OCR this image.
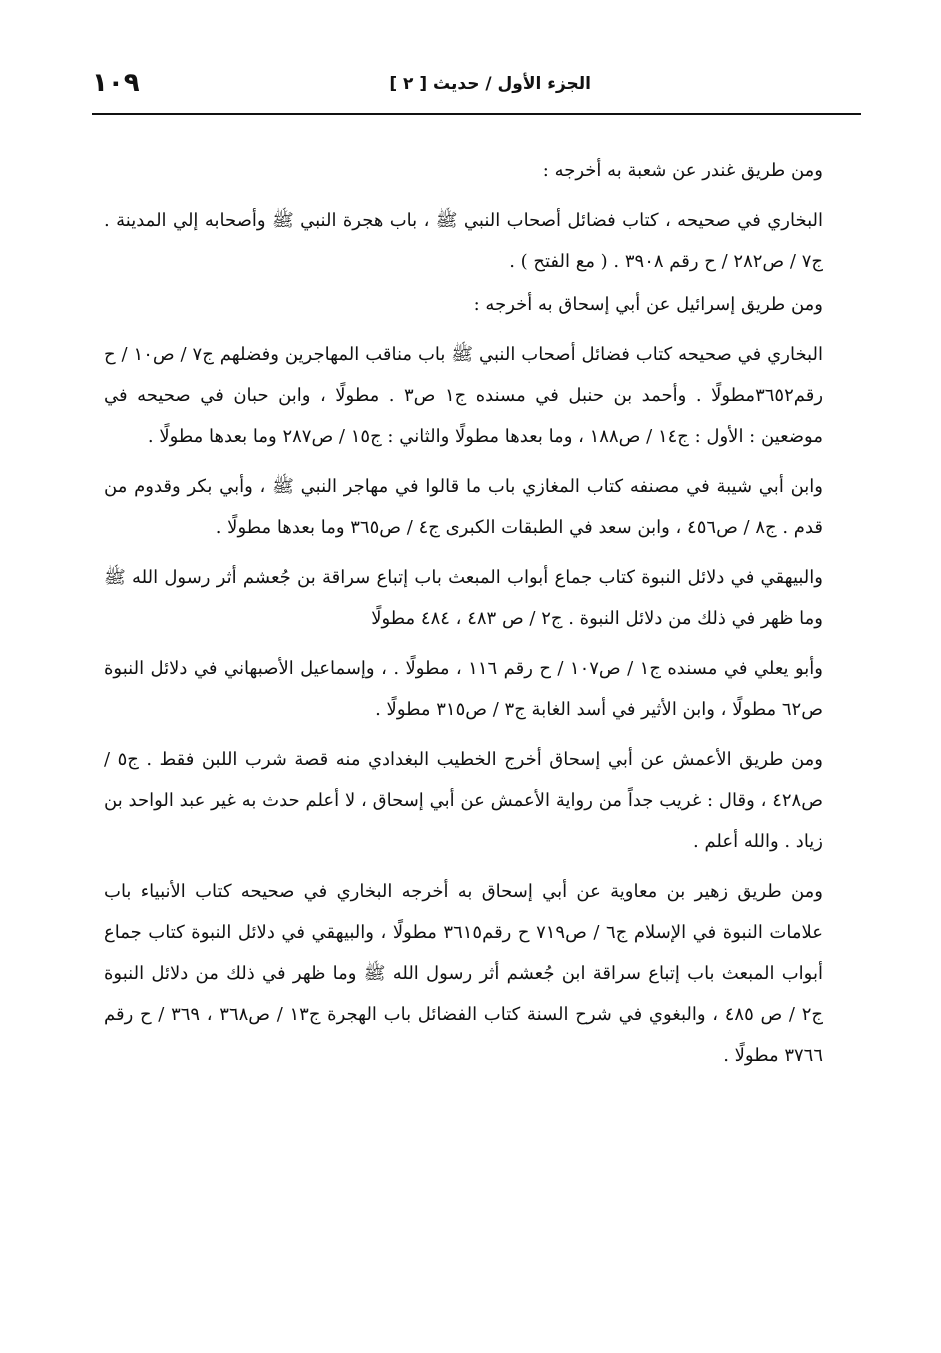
الجزء الأول / حديث [ ٢ ]
١٠٩

ومن طريق غندر عن شعبة به أخرجه :

البخاري في صحيحه ، كتاب فضائل أصحاب النبي ﷺ ، باب هجرة النبي ﷺ وأصحابه إلي المدينة . ج٧ / ص٢٨٢ / ح رقم ٣٩٠٨ . ( مع الفتح ) .

ومن طريق إسرائيل عن أبي إسحاق به أخرجه :

البخاري في صحيحه كتاب فضائل أصحاب النبي ﷺ باب مناقب المهاجرين وفضلهم ج٧ / ص١٠ / ح رقم٣٦٥٢مطولًا . وأحمد بن حنبل في مسنده ج١ ص٣ . مطولًا ، وابن حبان في صحيحه في موضعين : الأول : ج١٤ / ص١٨٨ ، وما بعدها مطولًا والثاني : ج١٥ / ص٢٨٧ وما بعدها مطولًا .

وابن أبي شيبة في مصنفه كتاب المغازي باب ما قالوا في مهاجر النبي ﷺ ، وأبي بكر وقدوم من قدم . ج٨ / ص٤٥٦ ، وابن سعد في الطبقات الكبرى ج٤ / ص٣٦٥ وما بعدها مطولًا .

والبيهقي في دلائل النبوة كتاب جماع أبواب المبعث باب إتباع سراقة بن جُعشم أثر رسول الله ﷺ وما ظهر في ذلك من دلائل النبوة . ج٢ / ص ٤٨٣ ، ٤٨٤ مطولًا

وأبو يعلي في مسنده ج١ / ص١٠٧ / ح رقم ١١٦ ، مطولًا . ، وإسماعيل الأصبهاني في دلائل النبوة ص٦٢ مطولًا ، وابن الأثير في أسد الغابة ج٣ / ص٣١٥ مطولًا .

ومن طريق الأعمش عن أبي إسحاق أخرج الخطيب البغدادي منه قصة شرب اللبن فقط . ج٥ / ص٤٢٨ ، وقال : غريب جداً من رواية الأعمش عن أبي إسحاق ، لا أعلم حدث به غير عبد الواحد بن زياد . والله أعلم .

ومن طريق زهير بن معاوية عن أبي إسحاق به أخرجه البخاري في صحيحه كتاب الأنبياء باب علامات النبوة في الإسلام ج٦ / ص٧١٩ ح رقم٣٦١٥ مطولًا ، والبيهقي في دلائل النبوة كتاب جماع أبواب المبعث باب إتباع سراقة ابن جُعشم أثر رسول الله ﷺ وما ظهر في ذلك من دلائل النبوة ج٢ / ص ٤٨٥ ، والبغوي في شرح السنة كتاب الفضائل باب الهجرة ج١٣ / ص٣٦٨ ، ٣٦٩ / ح رقم ٣٧٦٦ مطولًا .
